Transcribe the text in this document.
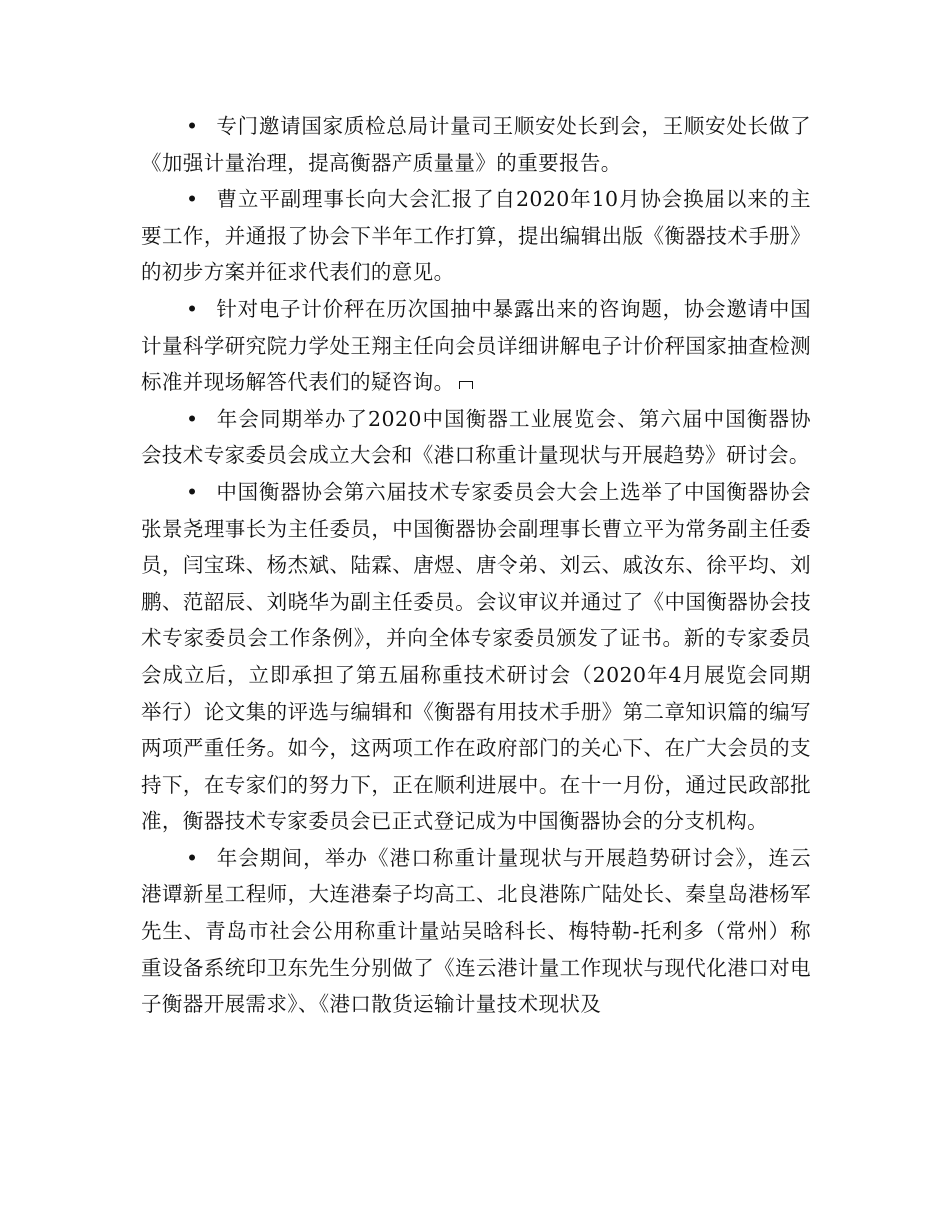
• 专门邀请国家质检总局计量司王顺安处长到会，王顺安处长做了《加强计量治理，提高衡器产质量量》的重要报告。

• 曹立平副理事长向大会汇报了自2020年10月协会换届以来的主要工作，并通报了协会下半年工作打算，提出编辑出版《衡器技术手册》的初步方案并征求代表们的意见。

• 针对电子计价秤在历次国抽中暴露出来的咨询题，协会邀请中国计量科学研究院力学处王翔主任向会员详细讲解电子计价秤国家抽查检测标准并现场解答代表们的疑咨询。

• 年会同期举办了2020中国衡器工业展览会、第六届中国衡器协会技术专家委员会成立大会和《港口称重计量现状与开展趋势》研讨会。

• 中国衡器协会第六届技术专家委员会大会上选举了中国衡器协会张景尧理事长为主任委员，中国衡器协会副理事长曹立平为常务副主任委员，闫宝珠、杨杰斌、陆霖、唐煜、唐令弟、刘云、戚汝东、徐平均、刘鹏、范韶辰、刘晓华为副主任委员。会议审议并通过了《中国衡器协会技术专家委员会工作条例》，并向全体专家委员颁发了证书。新的专家委员会成立后，立即承担了第五届称重技术研讨会（2020年4月展览会同期举行）论文集的评选与编辑和《衡器有用技术手册》第二章知识篇的编写两项严重任务。如今，这两项工作在政府部门的关心下、在广大会员的支持下，在专家们的努力下，正在顺利进展中。在十一月份，通过民政部批准，衡器技术专家委员会已正式登记成为中国衡器协会的分支机构。

• 年会期间，举办《港口称重计量现状与开展趋势研讨会》，连云港谭新星工程师，大连港秦子均高工、北良港陈广陆处长、秦皇岛港杨军先生、青岛市社会公用称重计量站吴晗科长、梅特勒-托利多（常州）称重设备系统印卫东先生分别做了《连云港计量工作现状与现代化港口对电子衡器开展需求》、《港口散货运输计量技术现状及
